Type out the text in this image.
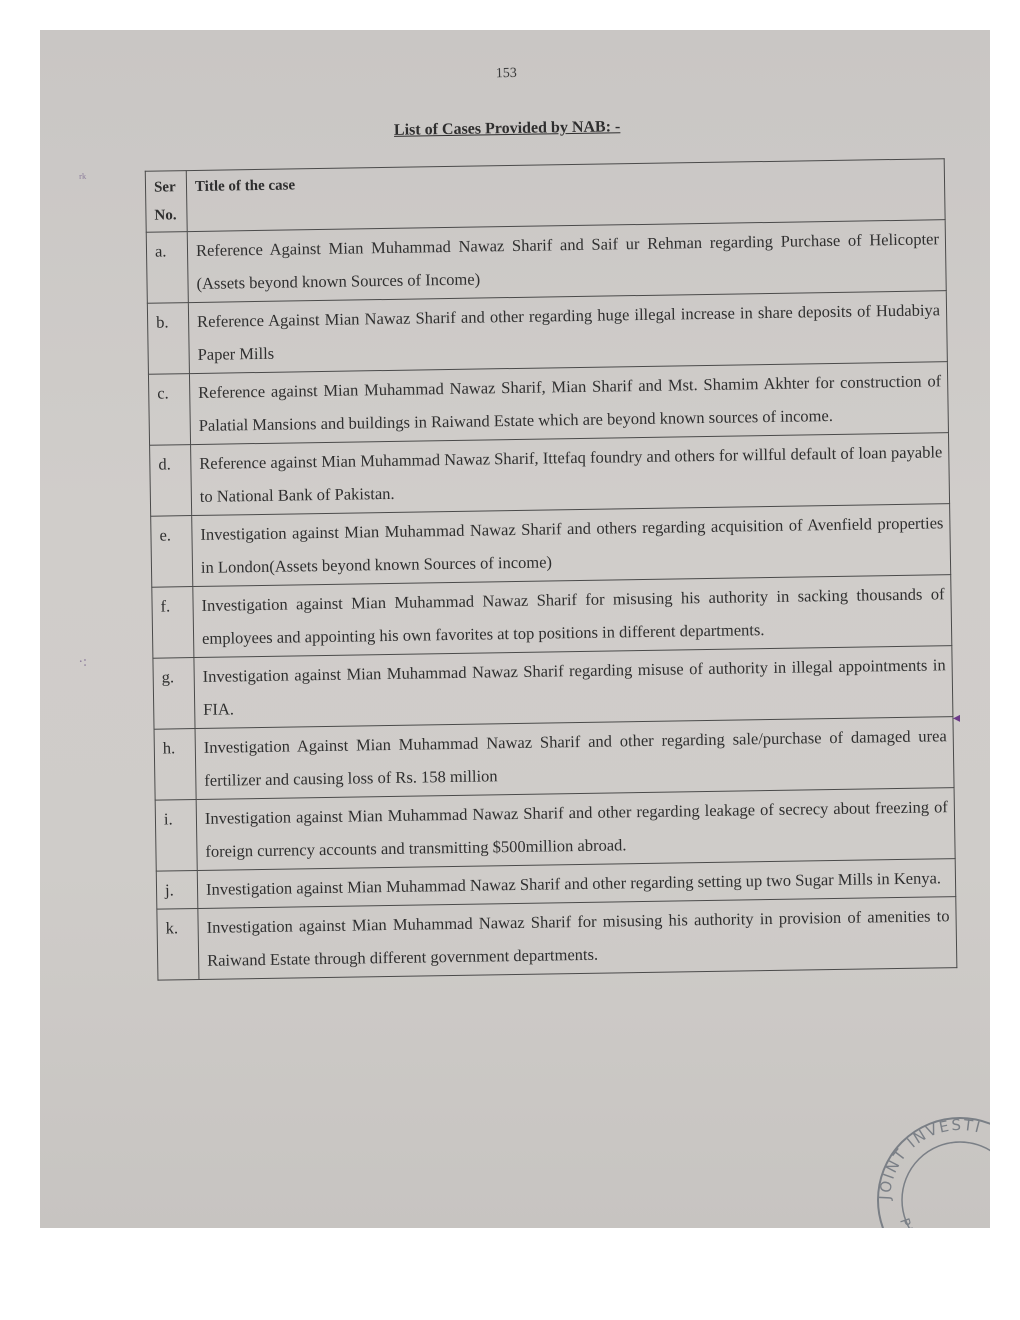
153
List of Cases Provided by NAB: -
Ser No.	Title of the case
a.	Reference Against Mian Muhammad Nawaz Sharif and Saif ur Rehman regarding Purchase of Helicopter (Assets beyond known Sources of Income)
b.	Reference Against Mian Nawaz Sharif and other regarding huge illegal increase in share deposits of Hudabiya Paper Mills
c.	Reference against Mian Muhammad Nawaz Sharif, Mian Sharif and Mst. Shamim Akhter for construction of Palatial Mansions and buildings in Raiwand Estate which are beyond known sources of income.
d.	Reference against Mian Muhammad Nawaz Sharif, Ittefaq foundry and others for willful default of loan payable to National Bank of Pakistan.
e.	Investigation against Mian Muhammad Nawaz Sharif and others regarding acquisition of Avenfield properties in London(Assets beyond known Sources of income)
f.	Investigation against Mian Muhammad Nawaz Sharif for misusing his authority in sacking thousands of employees and appointing his own favorites at top positions in different departments.
g.	Investigation against Mian Muhammad Nawaz Sharif regarding misuse of authority in illegal appointments in FIA.
h.	Investigation Against Mian Muhammad Nawaz Sharif and other regarding sale/purchase of damaged urea fertilizer and causing loss of Rs. 158 million
i.	Investigation against Mian Muhammad Nawaz Sharif and other regarding leakage of secrecy about freezing of foreign currency accounts and transmitting $500million abroad.
j.	Investigation against Mian Muhammad Nawaz Sharif and other regarding setting up two Sugar Mills in Kenya.
k.	Investigation against Mian Muhammad Nawaz Sharif for misusing his authority in provision of amenities to Raiwand Estate through different government departments.
ʳᵏ
·:
◂
JOINT INVESTI
PAK... A C
